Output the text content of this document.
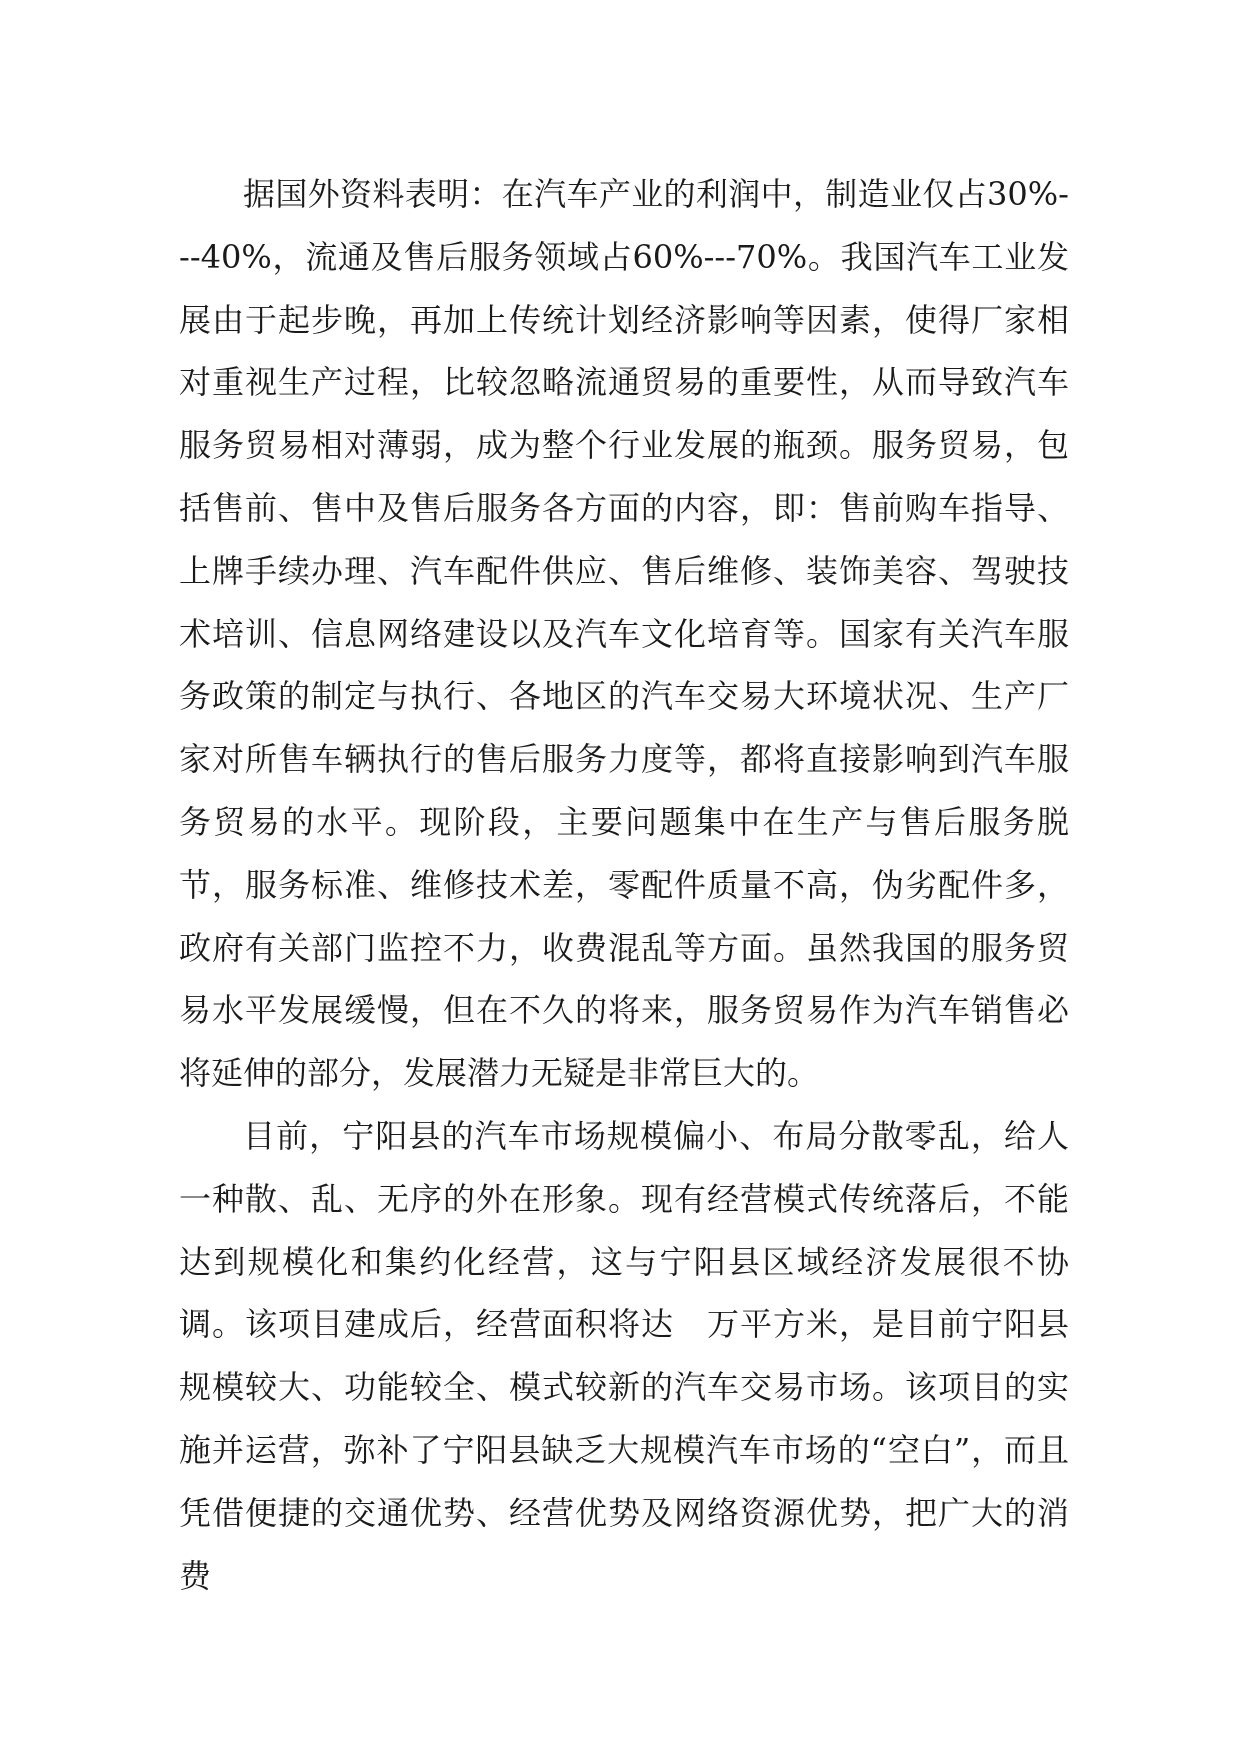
据国外资料表明：在汽车产业的利润中，制造业仅占30%---40%，流通及售后服务领域占60%---70%。我国汽车工业发展由于起步晚，再加上传统计划经济影响等因素，使得厂家相对重视生产过程，比较忽略流通贸易的重要性，从而导致汽车服务贸易相对薄弱，成为整个行业发展的瓶颈。服务贸易，包括售前、售中及售后服务各方面的内容，即：售前购车指导、上牌手续办理、汽车配件供应、售后维修、装饰美容、驾驶技术培训、信息网络建设以及汽车文化培育等。国家有关汽车服务政策的制定与执行、各地区的汽车交易大环境状况、生产厂家对所售车辆执行的售后服务力度等，都将直接影响到汽车服务贸易的水平。现阶段，主要问题集中在生产与售后服务脱节，服务标准、维修技术差，零配件质量不高，伪劣配件多，政府有关部门监控不力，收费混乱等方面。虽然我国的服务贸易水平发展缓慢，但在不久的将来，服务贸易作为汽车销售必将延伸的部分，发展潜力无疑是非常巨大的。

目前，宁阳县的汽车市场规模偏小、布局分散零乱，给人一种散、乱、无序的外在形象。现有经营模式传统落后，不能达到规模化和集约化经营，这与宁阳县区域经济发展很不协调。该项目建成后，经营面积将达　万平方米，是目前宁阳县规模较大、功能较全、模式较新的汽车交易市场。该项目的实施并运营，弥补了宁阳县缺乏大规模汽车市场的“空白”，而且凭借便捷的交通优势、经营优势及网络资源优势，把广大的消费
